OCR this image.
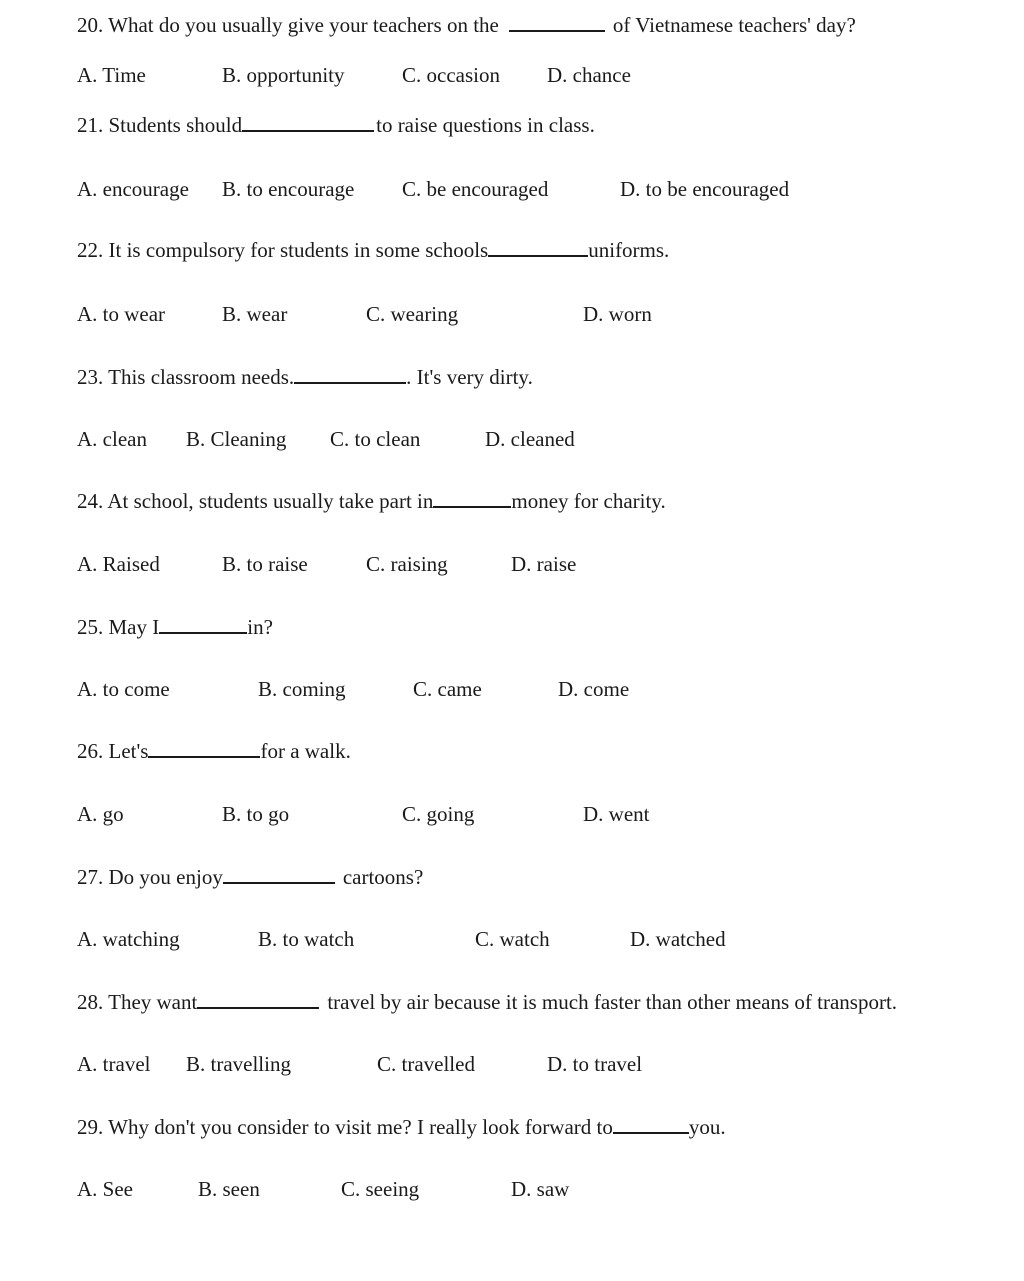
20. What do you usually give your teachers on the	of Vietnamese teachers' day?
A. Time	B. opportunity	C. occasion D. chance
21. Students should	to raise questions in class.
A. encourage B. to encourage C. be encouraged	D. to be encouraged
22. It is compulsory for students in some schools	uniforms.
A. to wear	B. wear	C. wearing	D. worn
23. This classroom needs.	. It's very dirty.
A. clean B. Cleaning C. to clean	D. cleaned
24. At school, students usually take part in	money for charity.
A. Raised	B. to raise	C. raising	D. raise
25. May I	in?
A. to come	B. coming	C. came	D. come
26. Let's	for a walk.
A. go	B. to go	C. going	D. went
27. Do you enjoy	cartoons?
A. watching	B. to watch	C. watch	D. watched
28. They want	travel by air because it is much faster than other means of transport.
A. travel B. travelling	C. travelled	D. to travel
29. Why don't you consider to visit me? I really look forward to	you.
A. See	B. seen	C. seeing	D. saw
